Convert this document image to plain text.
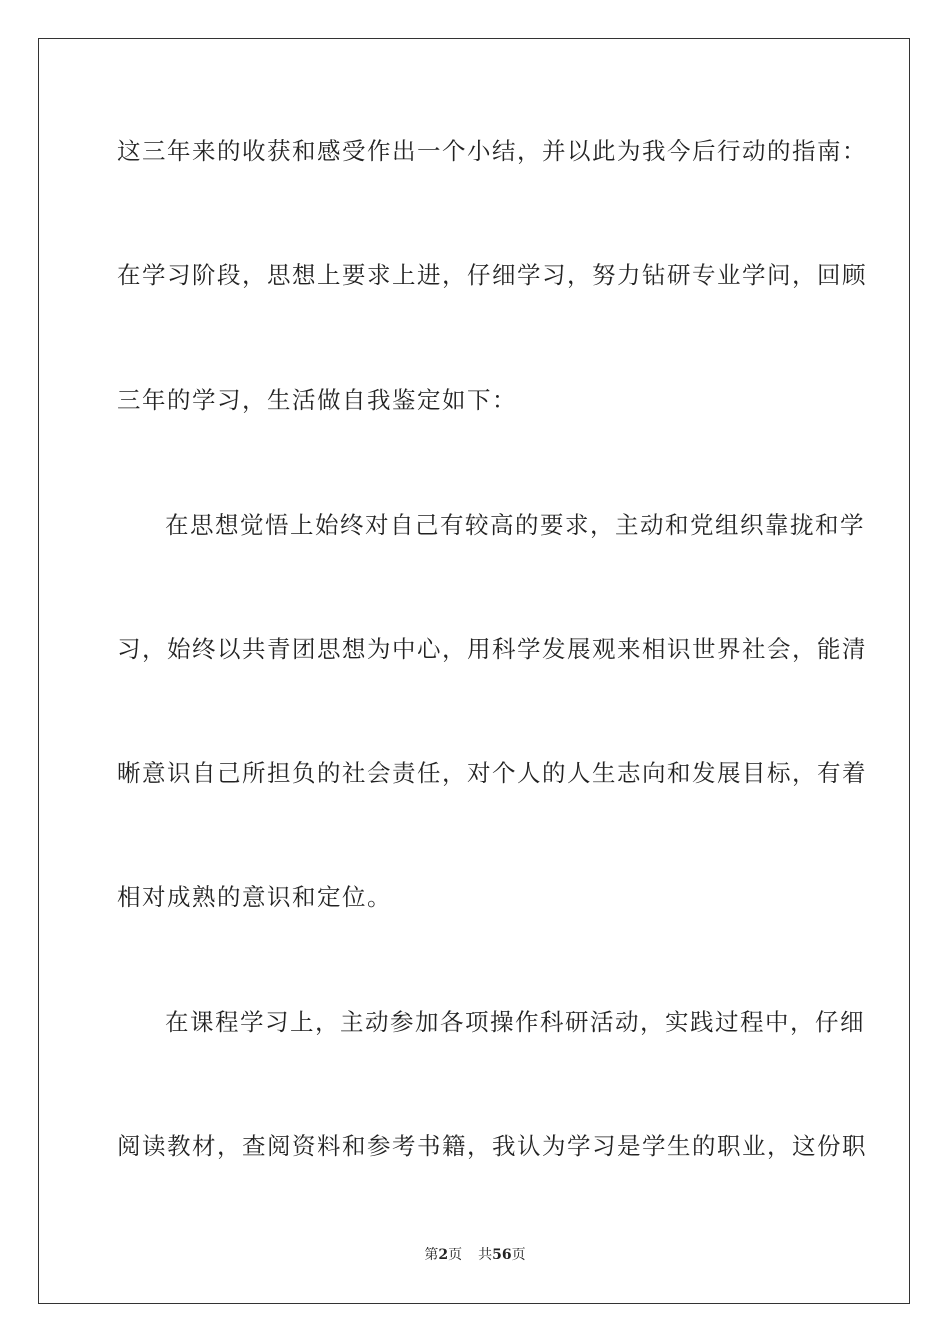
这三年来的收获和感受作出一个小结，并以此为我今后行动的指南：
在学习阶段，思想上要求上进，仔细学习，努力钻研专业学问，回顾
三年的学习，生活做自我鉴定如下：
在思想觉悟上始终对自己有较高的要求，主动和党组织靠拢和学
习，始终以共青团思想为中心，用科学发展观来相识世界社会，能清
晰意识自己所担负的社会责任，对个人的人生志向和发展目标，有着
相对成熟的意识和定位。
在课程学习上，主动参加各项操作科研活动，实践过程中，仔细
阅读教材，查阅资料和参考书籍，我认为学习是学生的职业，这份职
第2页 共56页
